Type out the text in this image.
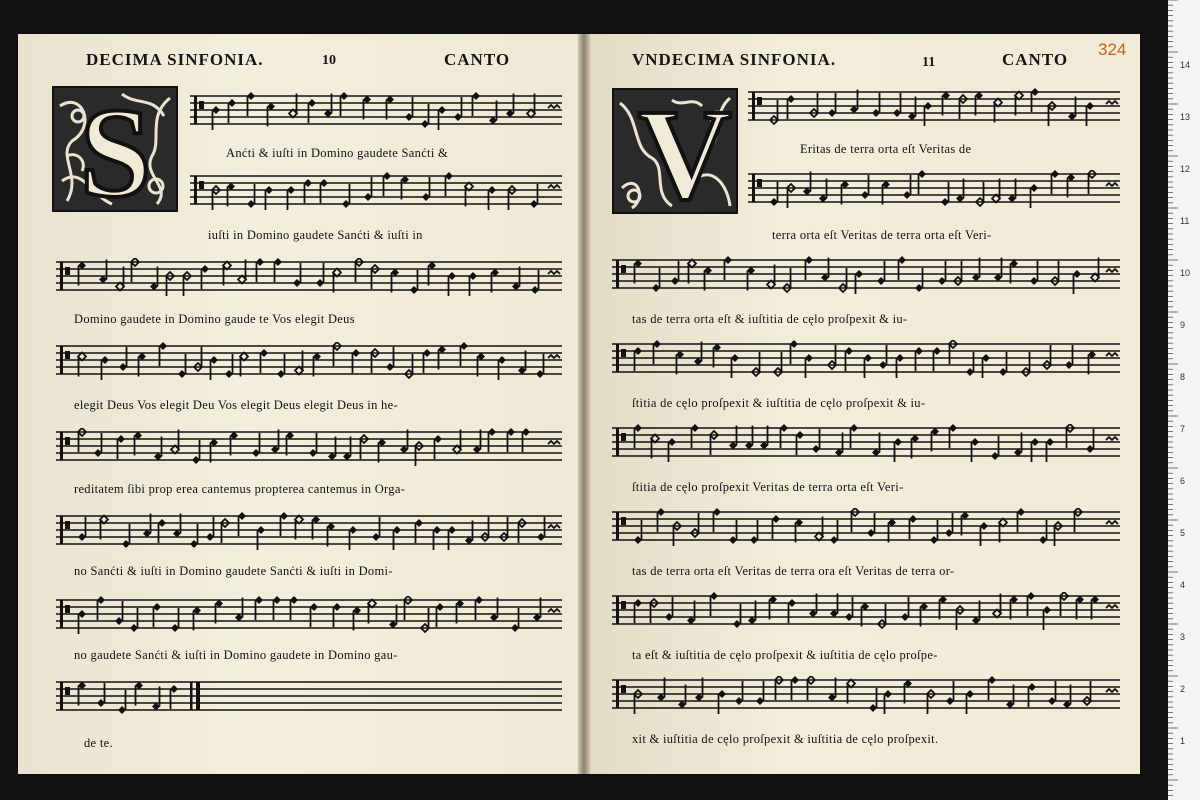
DECIMA SINFONIA.	10	CANTO	VNDECIMA SINFONIA.	11	CANTO
324
S	V
Anćti & iuſti in Domino gaudete Sanćti &
iuſti in Domino gaudete Sanćti & iuſti in
Domino gaudete in Domino gaude te Vos elegit Deus
elegit Deus Vos elegit Deu Vos elegit Deus elegit Deus in he-
reditatem ſibi prop erea cantemus propterea cantemus in Orga-
no Sanćti & iuſti in Domino gaudete Sanćti & iuſti in Domi-
no gaudete Sanćti & iuſti in Domino gaudete in Domino gau-
de te.
Eritas de terra orta eſt Veritas de
terra orta eſt Veritas de terra orta eſt Veri-
tas de terra orta eſt & iuſtitia de cęlo proſpexit & iu-
ſtitia de cęlo proſpexit & iuſtitia de cęlo proſpexit & iu-
ſtitia de cęlo proſpexit Veritas de terra orta eſt Veri-
tas de terra orta eſt Veritas de terra ora eſt Veritas de terra or-
ta eſt & iuſtitia de cęlo proſpexit & iuſtitia de cęlo proſpe-
xit & iuſtitia de cęlo proſpexit & iuſtitia de cęlo proſpexit.
14
13
12
11
10
9
8
7
6
5
4
3
2
1
